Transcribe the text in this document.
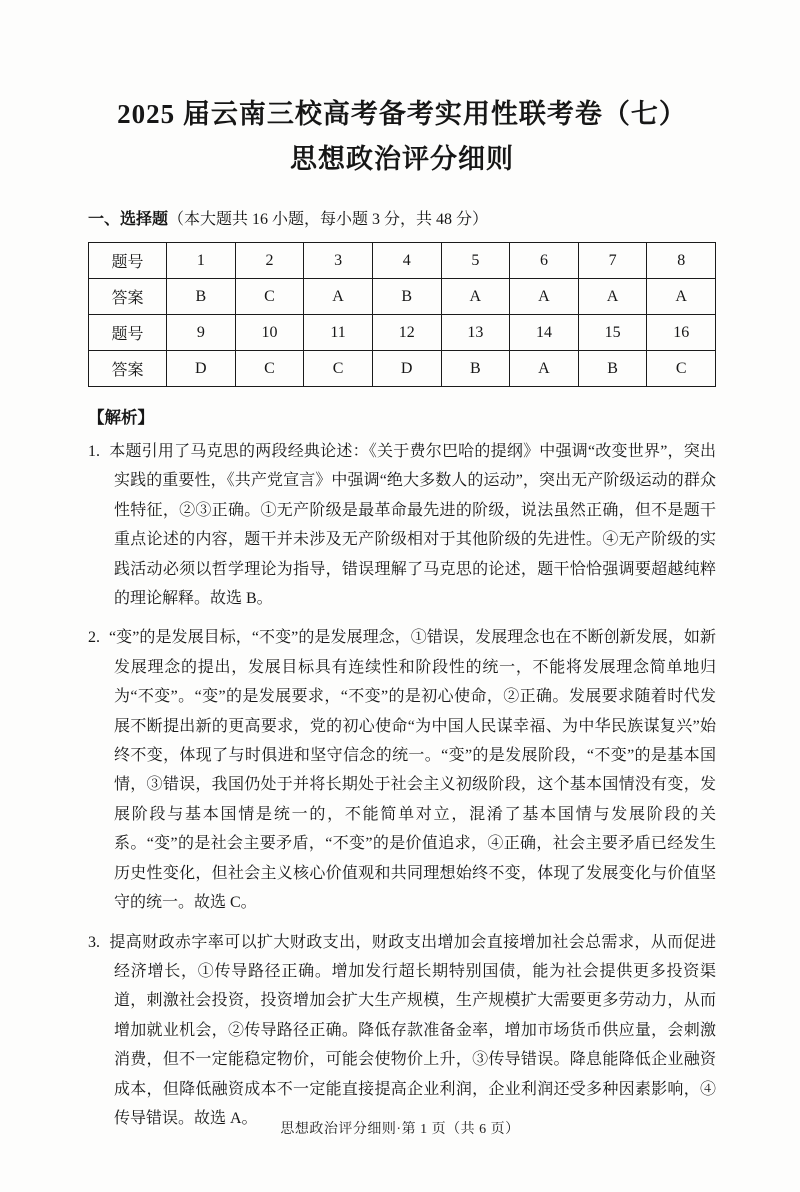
2025 届云南三校高考备考实用性联考卷（七）
思想政治评分细则
一、选择题（本大题共 16 小题，每小题 3 分，共 48 分）
题号	1	2	3	4	5	6	7	8
答案	B	C	A	B	A	A	A	A
题号	9	10	11	12	13	14	15	16
答案	D	C	C	D	B	A	B	C
【解析】
1. 本题引用了马克思的两段经典论述：《关于费尔巴哈的提纲》中强调“改变世界”，突出实践的重要性，《共产党宣言》中强调“绝大多数人的运动”，突出无产阶级运动的群众性特征，②③正确。①无产阶级是最革命最先进的阶级，说法虽然正确，但不是题干重点论述的内容，题干并未涉及无产阶级相对于其他阶级的先进性。④无产阶级的实践活动必须以哲学理论为指导，错误理解了马克思的论述，题干恰恰强调要超越纯粹的理论解释。故选 B。
2. “变”的是发展目标，“不变”的是发展理念，①错误，发展理念也在不断创新发展，如新发展理念的提出，发展目标具有连续性和阶段性的统一，不能将发展理念简单地归为“不变”。“变”的是发展要求，“不变”的是初心使命，②正确。发展要求随着时代发展不断提出新的更高要求，党的初心使命“为中国人民谋幸福、为中华民族谋复兴”始终不变，体现了与时俱进和坚守信念的统一。“变”的是发展阶段，“不变”的是基本国情，③错误，我国仍处于并将长期处于社会主义初级阶段，这个基本国情没有变，发展阶段与基本国情是统一的，不能简单对立，混淆了基本国情与发展阶段的关系。“变”的是社会主要矛盾，“不变”的是价值追求，④正确，社会主要矛盾已经发生历史性变化，但社会主义核心价值观和共同理想始终不变，体现了发展变化与价值坚守的统一。故选 C。
3. 提高财政赤字率可以扩大财政支出，财政支出增加会直接增加社会总需求，从而促进经济增长，①传导路径正确。增加发行超长期特别国债，能为社会提供更多投资渠道，刺激社会投资，投资增加会扩大生产规模，生产规模扩大需要更多劳动力，从而增加就业机会，②传导路径正确。降低存款准备金率，增加市场货币供应量，会刺激消费，但不一定能稳定物价，可能会使物价上升，③传导错误。降息能降低企业融资成本，但降低融资成本不一定能直接提高企业利润，企业利润还受多种因素影响，④传导错误。故选 A。
思想政治评分细则·第 1 页（共 6 页）
